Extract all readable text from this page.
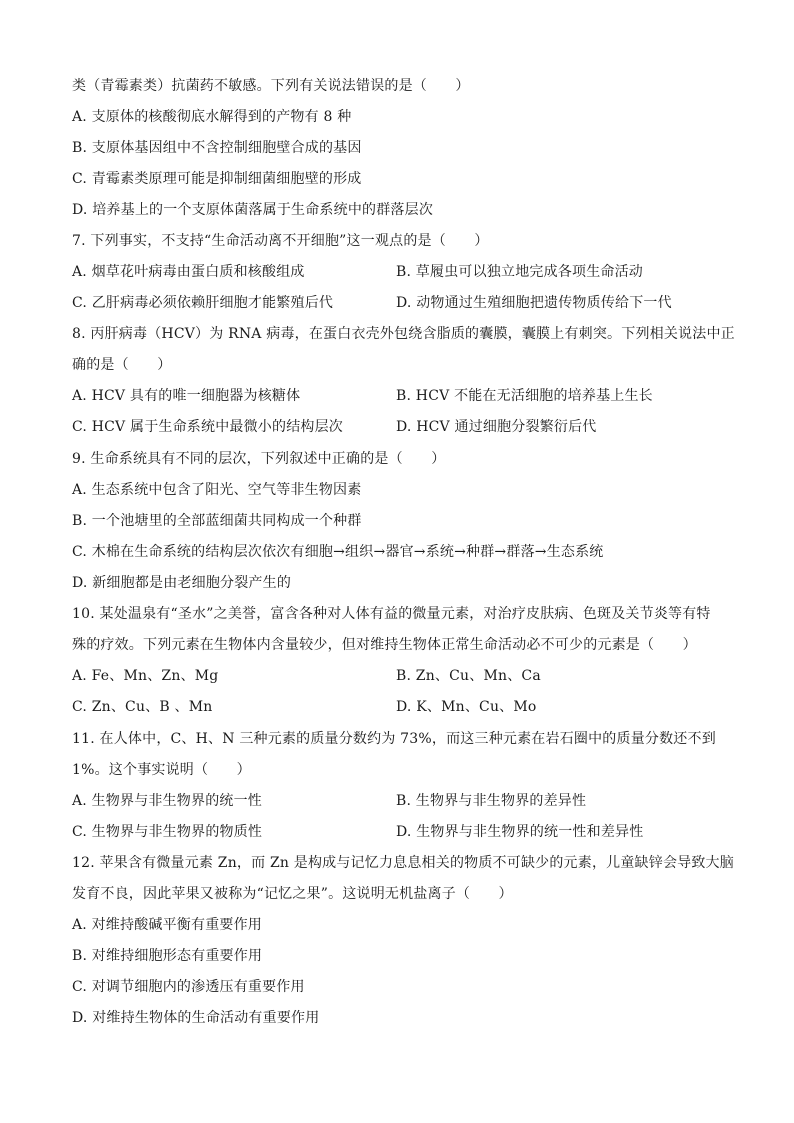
类（青霉素类）抗菌药不敏感。下列有关说法错误的是（　　）
A. 支原体的核酸彻底水解得到的产物有 8 种
B. 支原体基因组中不含控制细胞壁合成的基因
C. 青霉素类原理可能是抑制细菌细胞壁的形成
D. 培养基上的一个支原体菌落属于生命系统中的群落层次
7. 下列事实，不支持“生命活动离不开细胞”这一观点的是（　　）
A. 烟草花叶病毒由蛋白质和核酸组成	B. 草履虫可以独立地完成各项生命活动
C. 乙肝病毒必须依赖肝细胞才能繁殖后代	D. 动物通过生殖细胞把遗传物质传给下一代
8. 丙肝病毒（HCV）为 RNA 病毒，在蛋白衣壳外包绕含脂质的囊膜，囊膜上有刺突。下列相关说法中正
确的是（　　）
A. HCV 具有的唯一细胞器为核糖体	B. HCV 不能在无活细胞的培养基上生长
C. HCV 属于生命系统中最微小的结构层次	D. HCV 通过细胞分裂繁衍后代
9. 生命系统具有不同的层次，下列叙述中正确的是（　　）
A. 生态系统中包含了阳光、空气等非生物因素
B. 一个池塘里的全部蓝细菌共同构成一个种群
C. 木棉在生命系统的结构层次依次有细胞→组织→器官→系统→种群→群落→生态系统
D. 新细胞都是由老细胞分裂产生的
10. 某处温泉有“圣水”之美誉，富含各种对人体有益的微量元素，对治疗皮肤病、色斑及关节炎等有特
殊的疗效。下列元素在生物体内含量较少，但对维持生物体正常生命活动必不可少的元素是（　　）
A. Fe、Mn、Zn、Mg	B. Zn、Cu、Mn、Ca
C. Zn、Cu、B 、Mn	D. K、Mn、Cu、Mo
11. 在人体中，C、H、N 三种元素的质量分数约为 73%，而这三种元素在岩石圈中的质量分数还不到
1%。这个事实说明（　　）
A. 生物界与非生物界的统一性	B. 生物界与非生物界的差异性
C. 生物界与非生物界的物质性	D. 生物界与非生物界的统一性和差异性
12. 苹果含有微量元素 Zn，而 Zn 是构成与记忆力息息相关的物质不可缺少的元素，儿童缺锌会导致大脑
发育不良，因此苹果又被称为“记忆之果”。这说明无机盐离子（　　）
A. 对维持酸碱平衡有重要作用
B. 对维持细胞形态有重要作用
C. 对调节细胞内的渗透压有重要作用
D. 对维持生物体的生命活动有重要作用
